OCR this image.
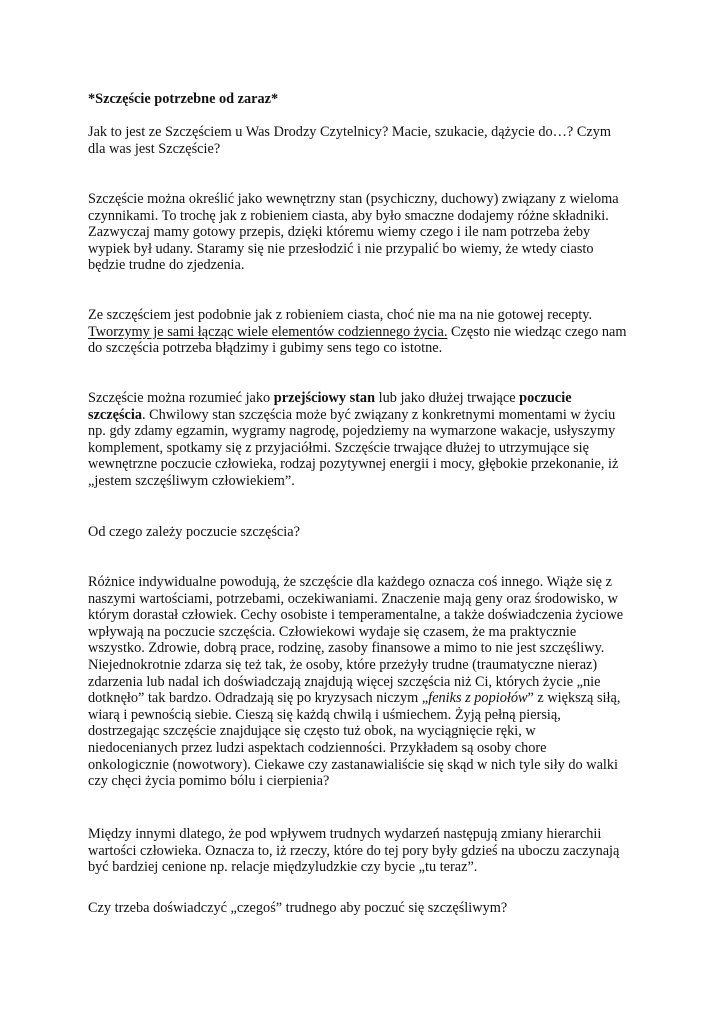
*Szczęście potrzebne od zaraz*

Jak to jest ze Szczęściem u Was Drodzy Czytelnicy? Macie, szukacie, dążycie do…? Czym
dla was jest Szczęście?

Szczęście można określić jako wewnętrzny stan (psychiczny, duchowy) związany z wieloma
czynnikami. To trochę jak z robieniem ciasta, aby było smaczne dodajemy różne składniki.
Zazwyczaj mamy gotowy przepis, dzięki któremu wiemy czego i ile nam potrzeba żeby
wypiek był udany. Staramy się nie przesłodzić i nie przypalić bo wiemy, że wtedy ciasto
będzie trudne do zjedzenia.

Ze szczęściem jest podobnie jak z robieniem ciasta, choć nie ma na nie gotowej recepty.
Tworzymy je sami łącząc wiele elementów codziennego życia. Często nie wiedząc czego nam
do szczęścia potrzeba błądzimy i gubimy sens tego co istotne.

Szczęście można rozumieć jako przejściowy stan lub jako dłużej trwające poczucie
szczęścia. Chwilowy stan szczęścia może być związany z konkretnymi momentami w życiu
np. gdy zdamy egzamin, wygramy nagrodę, pojedziemy na wymarzone wakacje, usłyszymy
komplement, spotkamy się z przyjaciółmi. Szczęście trwające dłużej to utrzymujące się
wewnętrzne poczucie człowieka, rodzaj pozytywnej energii i mocy, głębokie przekonanie, iż
„jestem szczęśliwym człowiekiem”.

Od czego zależy poczucie szczęścia?

Różnice indywidualne powodują, że szczęście dla każdego oznacza coś innego. Wiąże się z
naszymi wartościami, potrzebami, oczekiwaniami. Znaczenie mają geny oraz środowisko, w
którym dorastał człowiek. Cechy osobiste i temperamentalne, a także doświadczenia życiowe
wpływają na poczucie szczęścia. Człowiekowi wydaje się czasem, że ma praktycznie
wszystko. Zdrowie, dobrą prace, rodzinę, zasoby finansowe a mimo to nie jest szczęśliwy.
Niejednokrotnie zdarza się też tak, że osoby, które przeżyły trudne (traumatyczne nieraz)
zdarzenia lub nadal ich doświadczają znajdują więcej szczęścia niż Ci, których życie „nie
dotknęło” tak bardzo. Odradzają się po kryzysach niczym „feniks z popiołów” z większą siłą,
wiarą i pewnością siebie. Cieszą się każdą chwilą i uśmiechem. Żyją pełną piersią,
dostrzegając szczęście znajdujące się często tuż obok, na wyciągnięcie ręki, w
niedocenianych przez ludzi aspektach codzienności. Przykładem są osoby chore
onkologicznie (nowotwory). Ciekawe czy zastanawialiście się skąd w nich tyle siły do walki
czy chęci życia pomimo bólu i cierpienia?

Między innymi dlatego, że pod wpływem trudnych wydarzeń następują zmiany hierarchii
wartości człowieka. Oznacza to, iż rzeczy, które do tej pory były gdzieś na uboczu zaczynają
być bardziej cenione np. relacje międzyludzkie czy bycie „tu teraz”.

Czy trzeba doświadczyć „czegoś” trudnego aby poczuć się szczęśliwym?
